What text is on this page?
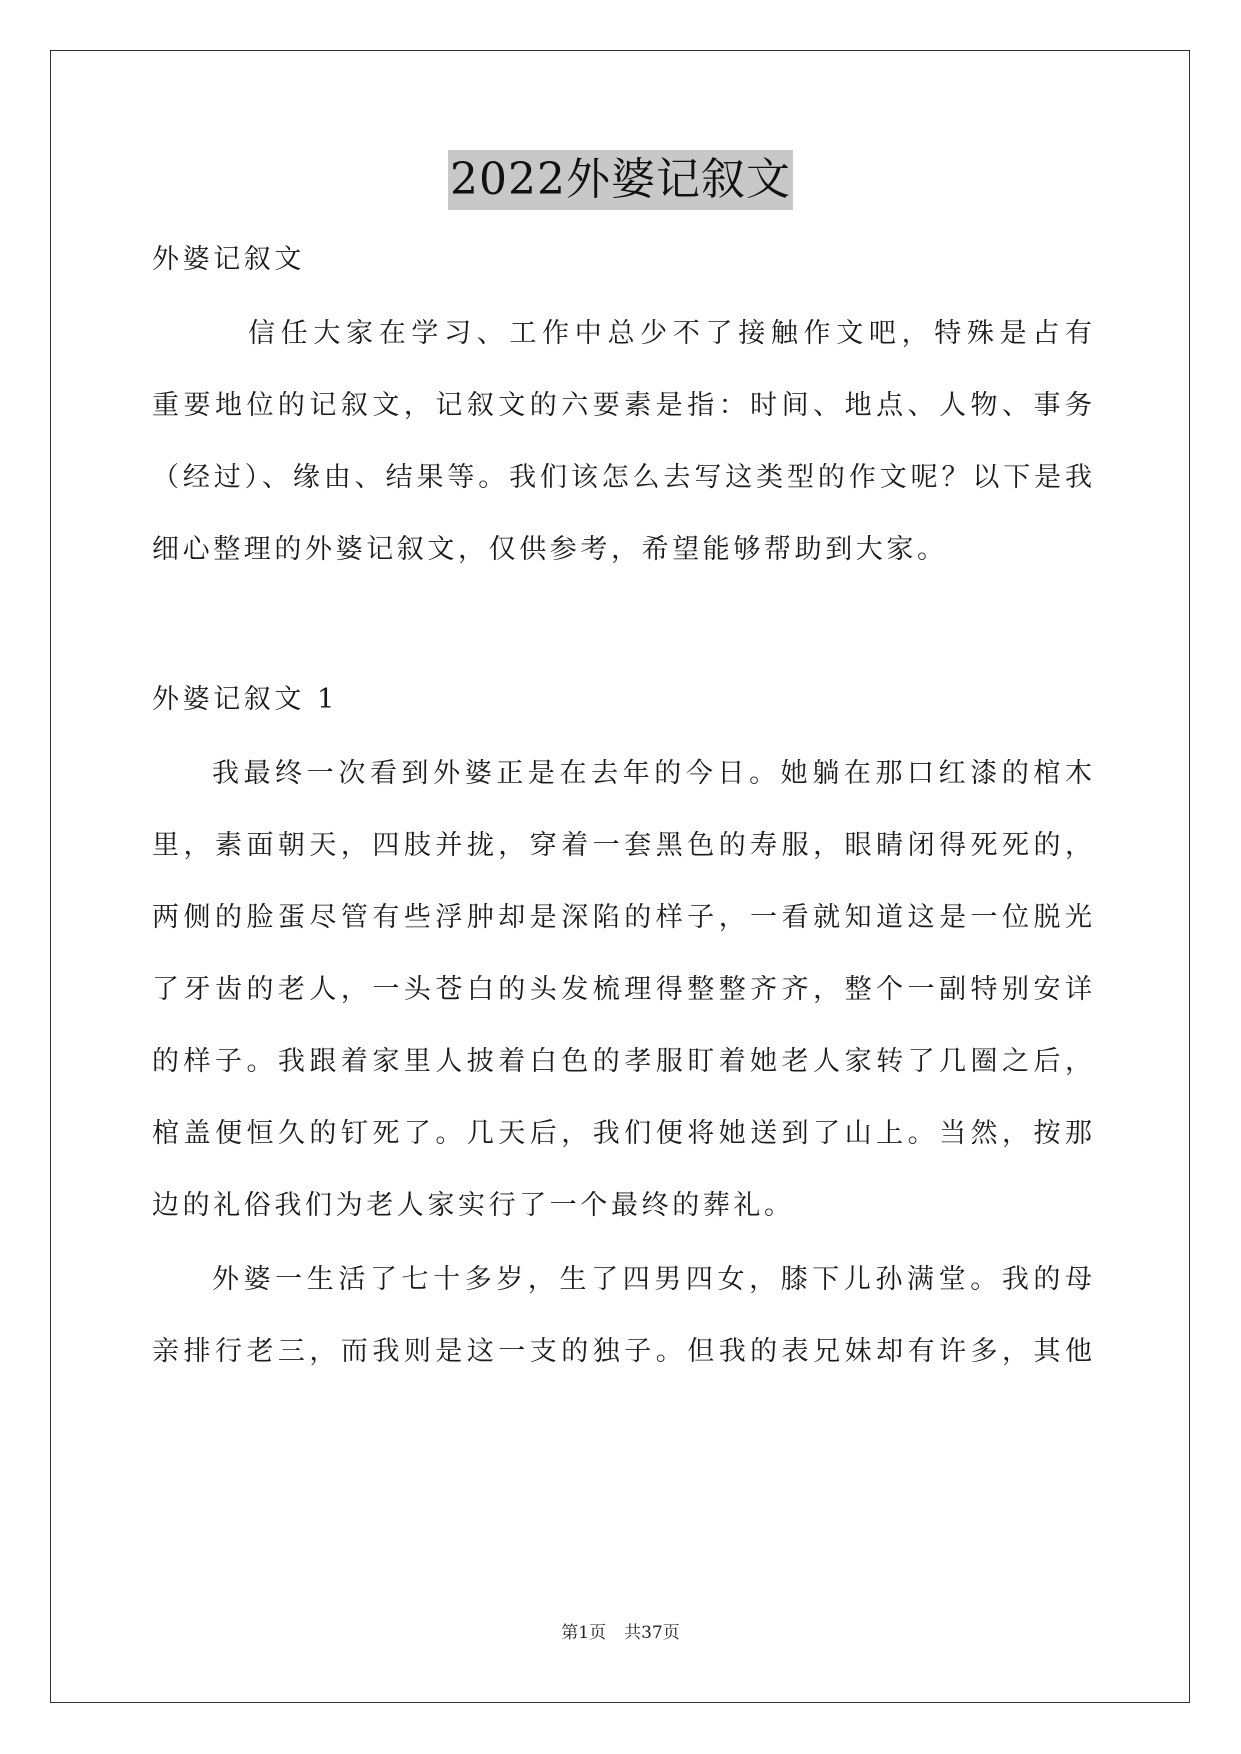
2022外婆记叙文
外婆记叙文
信任大家在学习、工作中总少不了接触作文吧，特殊是占有
重要地位的记叙文，记叙文的六要素是指：时间、地点、人物、事务
（经过）、缘由、结果等。我们该怎么去写这类型的作文呢？以下是我
细心整理的外婆记叙文，仅供参考，希望能够帮助到大家。
外婆记叙文 1
我最终一次看到外婆正是在去年的今日。她躺在那口红漆的棺木
里，素面朝天，四肢并拢，穿着一套黑色的寿服，眼睛闭得死死的，
两侧的脸蛋尽管有些浮肿却是深陷的样子，一看就知道这是一位脱光
了牙齿的老人，一头苍白的头发梳理得整整齐齐，整个一副特别安详
的样子。我跟着家里人披着白色的孝服盯着她老人家转了几圈之后，
棺盖便恒久的钉死了。几天后，我们便将她送到了山上。当然，按那
边的礼俗我们为老人家实行了一个最终的葬礼。
外婆一生活了七十多岁，生了四男四女，膝下儿孙满堂。我的母
亲排行老三，而我则是这一支的独子。但我的表兄妹却有许多，其他
第1页 共37页
